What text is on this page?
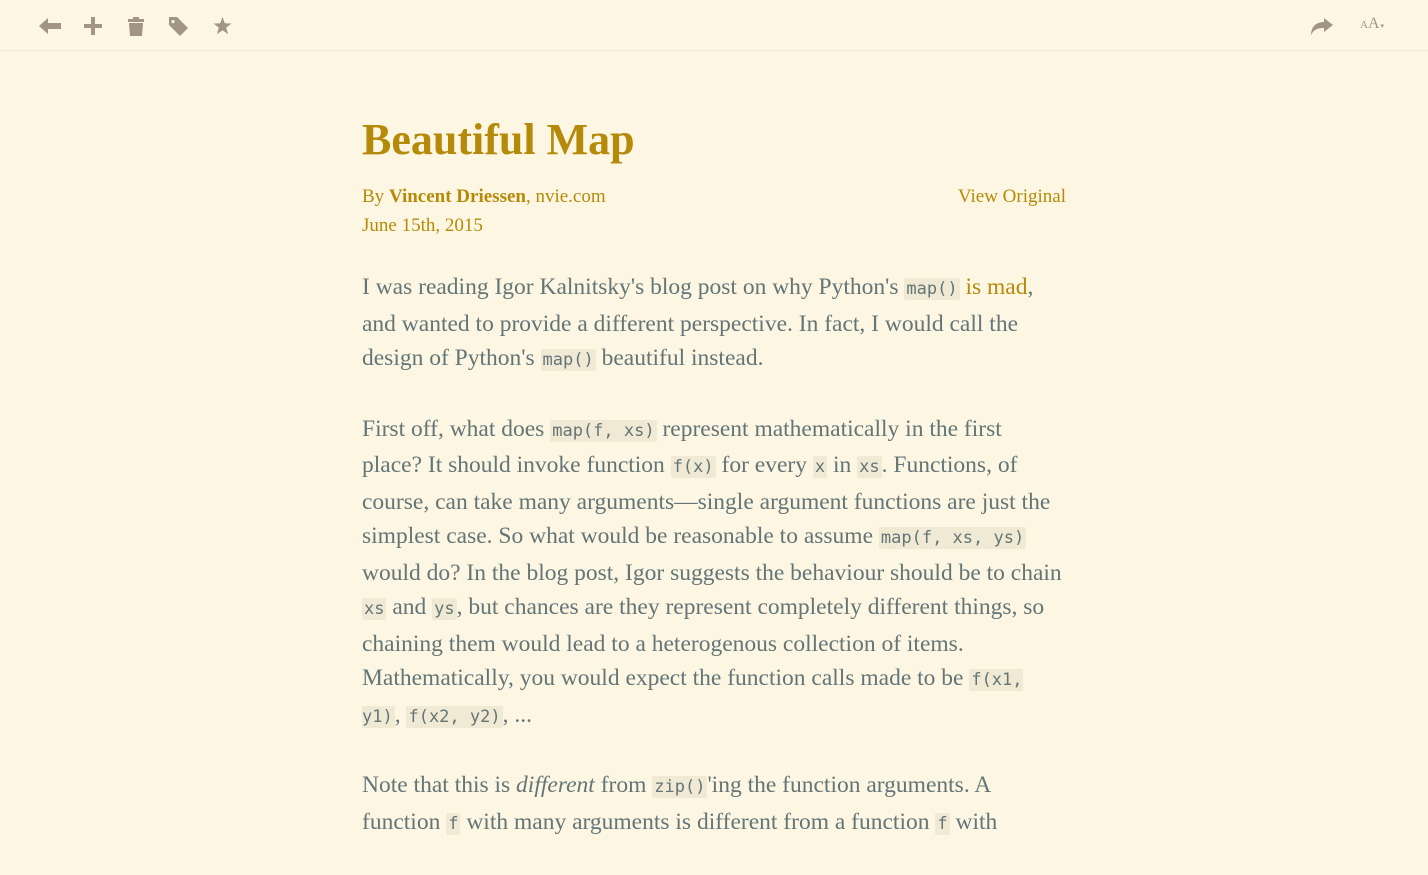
A A ▾
Beautiful Map
By Vincent Driessen, nvie.com	View Original
June 15th, 2015

I was reading Igor Kalnitsky's blog post on why Python's map() is mad, and wanted to provide a different perspective. In fact, I would call the design of Python's map() beautiful instead.

First off, what does map(f, xs) represent mathematically in the first place? It should invoke function f(x) for every x in xs. Functions, of course, can take many arguments—single argument functions are just the simplest case. So what would be reasonable to assume map(f, xs, ys) would do? In the blog post, Igor suggests the behaviour should be to chain xs and ys, but chances are they represent completely different things, so chaining them would lead to a heterogenous collection of items. Mathematically, you would expect the function calls made to be f(x1, y1), f(x2, y2), ...

Note that this is different from zip()'ing the function arguments. A function f with many arguments is different from a function f with
